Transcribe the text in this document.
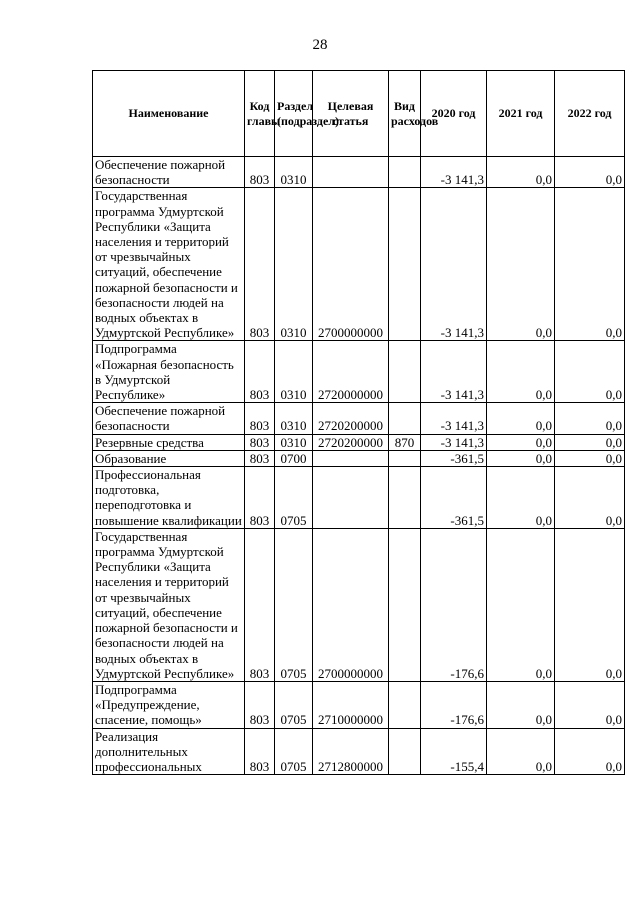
28
Наименование	Код главы	Раздел (подраздел)	Целевая статья	Вид расходов	2020 год	2021 год	2022 год
Обеспечение пожарной безопасности	803	0310			-3 141,3	0,0	0,0
Государственная программа Удмуртской Республики «Защита населения и территорий от чрезвычайных ситуаций, обеспечение пожарной безопасности и безопасности людей на водных объектах в Удмуртской Республике»	803	0310	2700000000		-3 141,3	0,0	0,0
Подпрограмма «Пожарная безопасность в Удмуртской Республике»	803	0310	2720000000		-3 141,3	0,0	0,0
Обеспечение пожарной безопасности	803	0310	2720200000		-3 141,3	0,0	0,0
Резервные средства	803	0310	2720200000	870	-3 141,3	0,0	0,0
Образование	803	0700			-361,5	0,0	0,0
Профессиональная подготовка, переподготовка и повышение квалификации	803	0705			-361,5	0,0	0,0
Государственная программа Удмуртской Республики «Защита населения и территорий от чрезвычайных ситуаций, обеспечение пожарной безопасности и безопасности людей на водных объектах в Удмуртской Республике»	803	0705	2700000000		-176,6	0,0	0,0
Подпрограмма «Предупреждение, спасение, помощь»	803	0705	2710000000		-176,6	0,0	0,0
Реализация дополнительных профессиональных	803	0705	2712800000		-155,4	0,0	0,0
